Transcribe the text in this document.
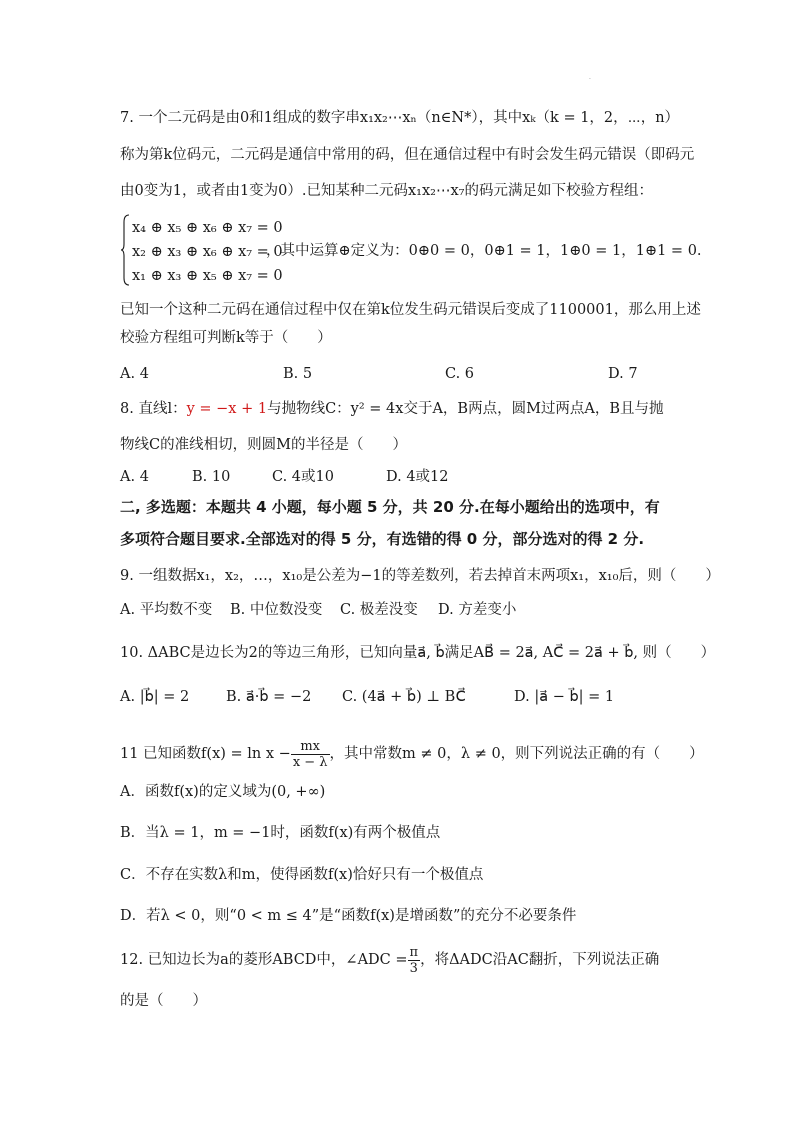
·
7. 一个二元码是由0和1组成的数字串x₁x₂⋯xₙ（n∈N*），其中xₖ（k = 1，2，⋯，n）
称为第k位码元，二元码是通信中常用的码，但在通信过程中有时会发生码元错误（即码元
由0变为1，或者由1变为0）.已知某种二元码x₁x₂⋯x₇的码元满足如下校验方程组：
x₄ ⊕ x₅ ⊕ x₆ ⊕ x₇ = 0
x₂ ⊕ x₃ ⊕ x₆ ⊕ x₇ = 0
x₁ ⊕ x₃ ⊕ x₅ ⊕ x₇ = 0
，其中运算⊕定义为：0⊕0 = 0，0⊕1 = 1，1⊕0 = 1，1⊕1 = 0.
已知一个这种二元码在通信过程中仅在第k位发生码元错误后变成了1100001，那么用上述
校验方程组可判断k等于（　　）
A. 4	B. 5	C. 6	D. 7
8. 直线l：y = −x + 1与抛物线C：y² = 4x交于A，B两点，圆M过两点A，B且与抛
物线C的准线相切，则圆M的半径是（　　）
A. 4	B. 10	C. 4或10	D. 4或12
二, 多选题：本题共 4 小题，每小题 5 分，共 20 分.在每小题给出的选项中，有
多项符合题目要求.全部选对的得 5 分，有选错的得 0 分，部分选对的得 2 分.
9. 一组数据x₁，x₂，…，x₁₀是公差为−1的等差数列，若去掉首末两项x₁，x₁₀后，则（　　）
A. 平均数不变 B. 中位数没变 C. 极差没变 D. 方差变小
10. ΔABC是边长为2的等边三角形，已知向量a⃗, b⃗满足AB⃗ = 2a⃗, AC⃗ = 2a⃗ + b⃗, 则（　　）
A. |b⃗| = 2	B. a⃗·b⃗ = −2 C. (4a⃗ + b⃗) ⊥ BC⃗	D. |a⃗ − b⃗| = 1
11 已知函数$f(x) = \ln x - \frac{mx}{x - \lambda}$ ，其中常数m ≠ 0，λ ≠ 0，则下列说法正确的有（　　）
A．函数f(x)的定义域为(0, +∞)
B．当λ = 1，m = −1时，函数f(x)有两个极值点
C．不存在实数λ和m，使得函数f(x)恰好只有一个极值点
D．若λ < 0，则“0 < m ≤ 4”是“函数f(x)是增函数”的充分不必要条件
12. 已知边长为a的菱形ABCD中，∠ADC = $\frac{\pi}{3}$ ，将ΔADC沿AC翻折，下列说法正确
的是（　　）
